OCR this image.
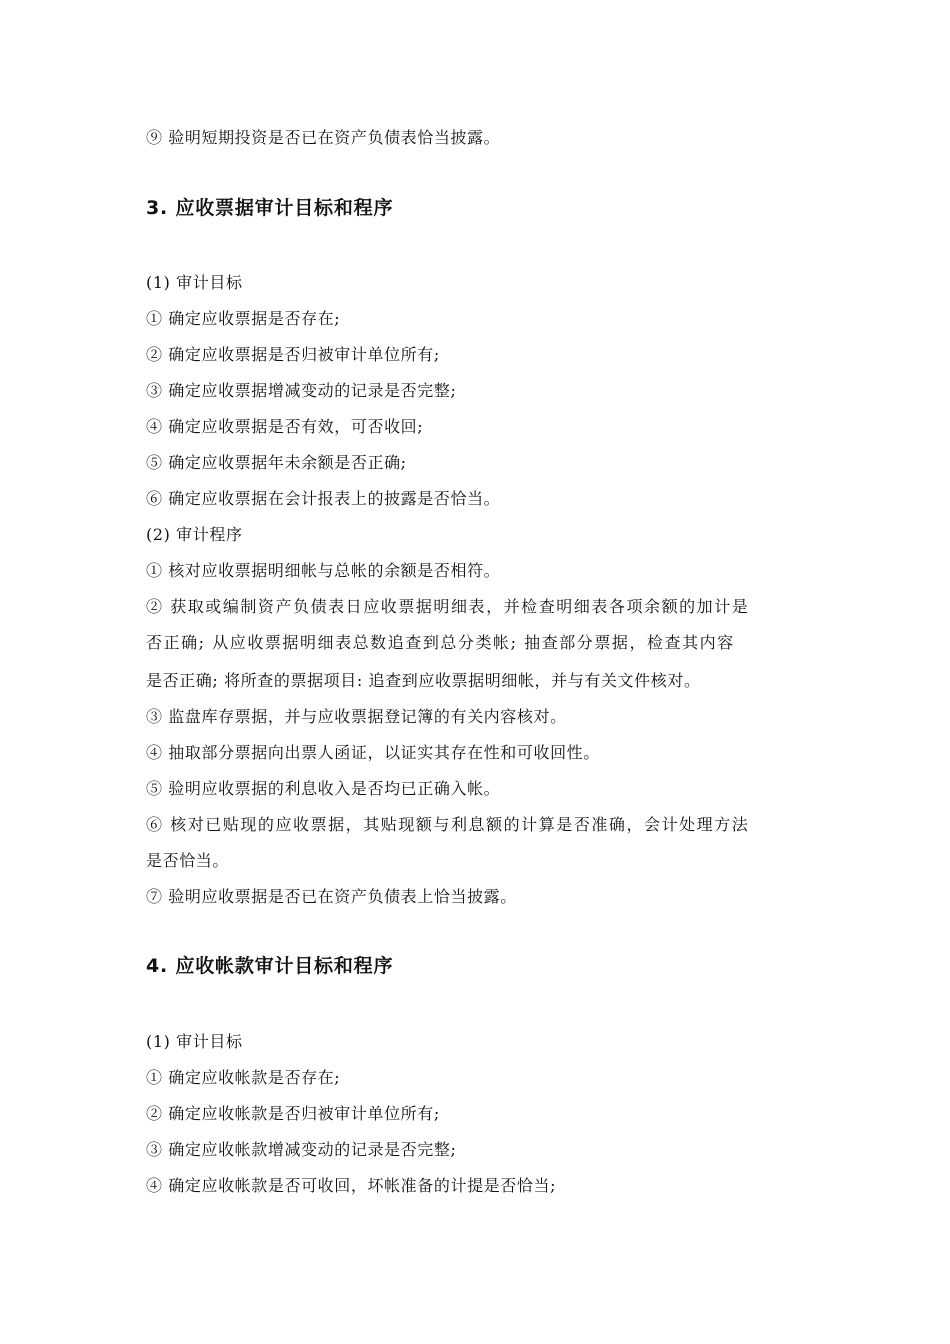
⑨ 验明短期投资是否已在资产负债表恰当披露。
3. 应收票据审计目标和程序
(1) 审计目标
① 确定应收票据是否存在;
② 确定应收票据是否归被审计单位所有;
③ 确定应收票据增减变动的记录是否完整;
④ 确定应收票据是否有效，可否收回;
⑤ 确定应收票据年未余额是否正确;
⑥ 确定应收票据在会计报表上的披露是否恰当。
(2) 审计程序
① 核对应收票据明细帐与总帐的余额是否相符。
② 获取或编制资产负债表日应收票据明细表，并检查明细表各项余额的加计是
否正确; 从应收票据明细表总数追查到总分类帐; 抽查部分票据，检查其内容
是否正确; 将所查的票据项目: 追查到应收票据明细帐，并与有关文件核对。
③ 监盘库存票据，并与应收票据登记簿的有关内容核对。
④ 抽取部分票据向出票人函证，以证实其存在性和可收回性。
⑤ 验明应收票据的利息收入是否均已正确入帐。
⑥ 核对已贴现的应收票据，其贴现额与利息额的计算是否准确，会计处理方法
是否恰当。
⑦ 验明应收票据是否已在资产负债表上恰当披露。
4. 应收帐款审计目标和程序
(1) 审计目标
① 确定应收帐款是否存在;
② 确定应收帐款是否归被审计单位所有;
③ 确定应收帐款增减变动的记录是否完整;
④ 确定应收帐款是否可收回，坏帐准备的计提是否恰当;
